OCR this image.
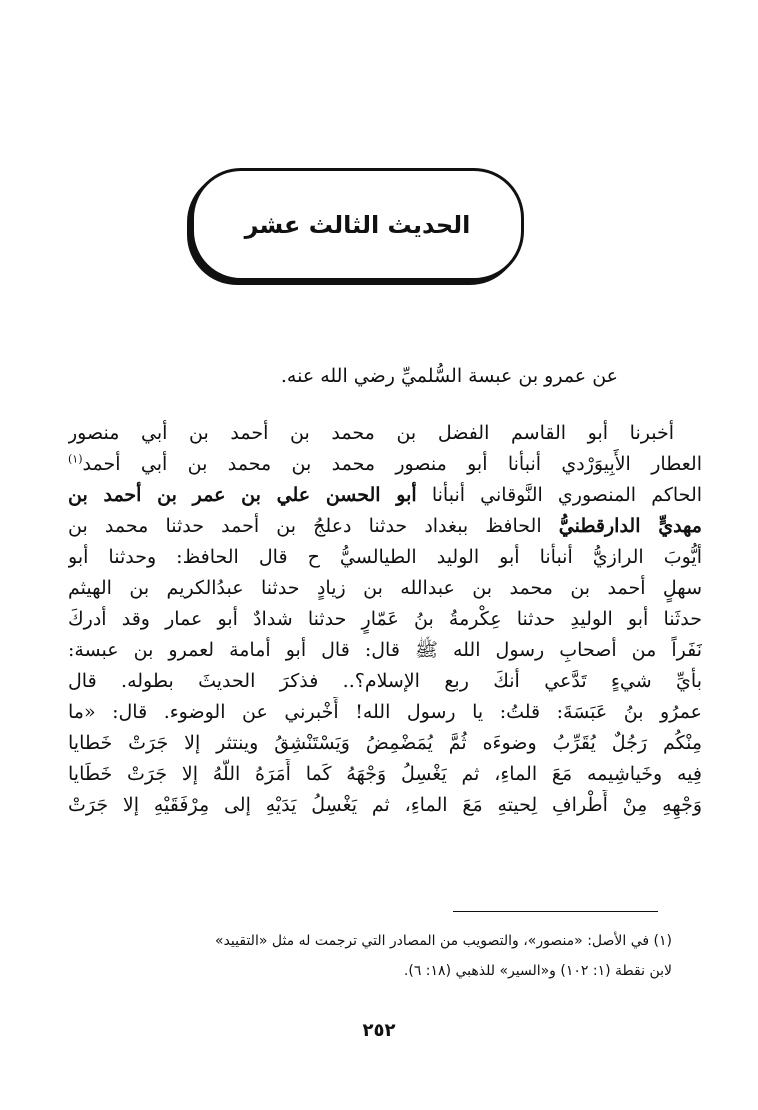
الحديث الثالث عشر
عن عمرو بن عبسة السُّلميِّ رضي الله عنه.
أخبرنا أبو القاسم الفضل بن محمد بن أحمد بن أبي منصور
العطار الأَبِيوَرْدي أنبأنا أبو منصور محمد بن محمد بن أبي أحمد$^{(١)}$
الحاكم المنصوري النَّوقاني أنبأنا أبو الحسن علي بن عمر بن أحمد بن
مهديٍّ الدارقطنيُّ الحافظ ببغداد حدثنا دعلجُ بن أحمد حدثنا محمد بن
أيُّوبَ الرازيُّ أنبأنا أبو الوليد الطيالسيُّ ح قال الحافظ: وحدثنا أبو
سهلٍ أحمد بن محمد بن عبدالله بن زيادٍ حدثنا عبدُالكريم بن الهيثم
حدثَنا أبو الوليدِ حدثنا عِكْرمةُ بنُ عَمّارٍ حدثنا شدادٌ أبو عمار وقد أدركَ
نَفَراً من أصحابِ رسول الله ﷺ قال: قال أبو أمامة لعمرو بن عبسة:
بأيِّ شيءٍ تَدَّعي أنكَ ربع الإسلام؟.. فذكرَ الحديثَ بطوله. قال
عمرُو بنُ عَبَسَةَ: قلتُ: يا رسول الله! أَخْبرني عن الوضوء. قال: «ما
مِنْكُم رَجُلٌ يُقَرِّبُ وضوءَه ثُمَّ يُمَضْمِضُ وَيَسْتَنْشِقُ وينتثر إلا جَرَتْ خَطايا
فِيه وخَياشِيمه مَعَ الماءِ، ثم يَغْسِلُ وَجْهَهُ كَما أَمَرَهُ اللَّهُ إلا جَرَتْ خَطَايا
وَجْهِهِ مِنْ أَطْرافِ لِحيتهِ مَعَ الماءِ، ثم يَغْسِلُ يَدَيْهِ إلى مِرْفَقَيْهِ إلا جَرَتْ
(١) في الأصل: «منصور»، والتصويب من المصادر التي ترجمت له مثل «التقييد»
لابن نقطة (١: ١٠٢) و«السير» للذهبي (١٨: ٦).
٢٥٢
